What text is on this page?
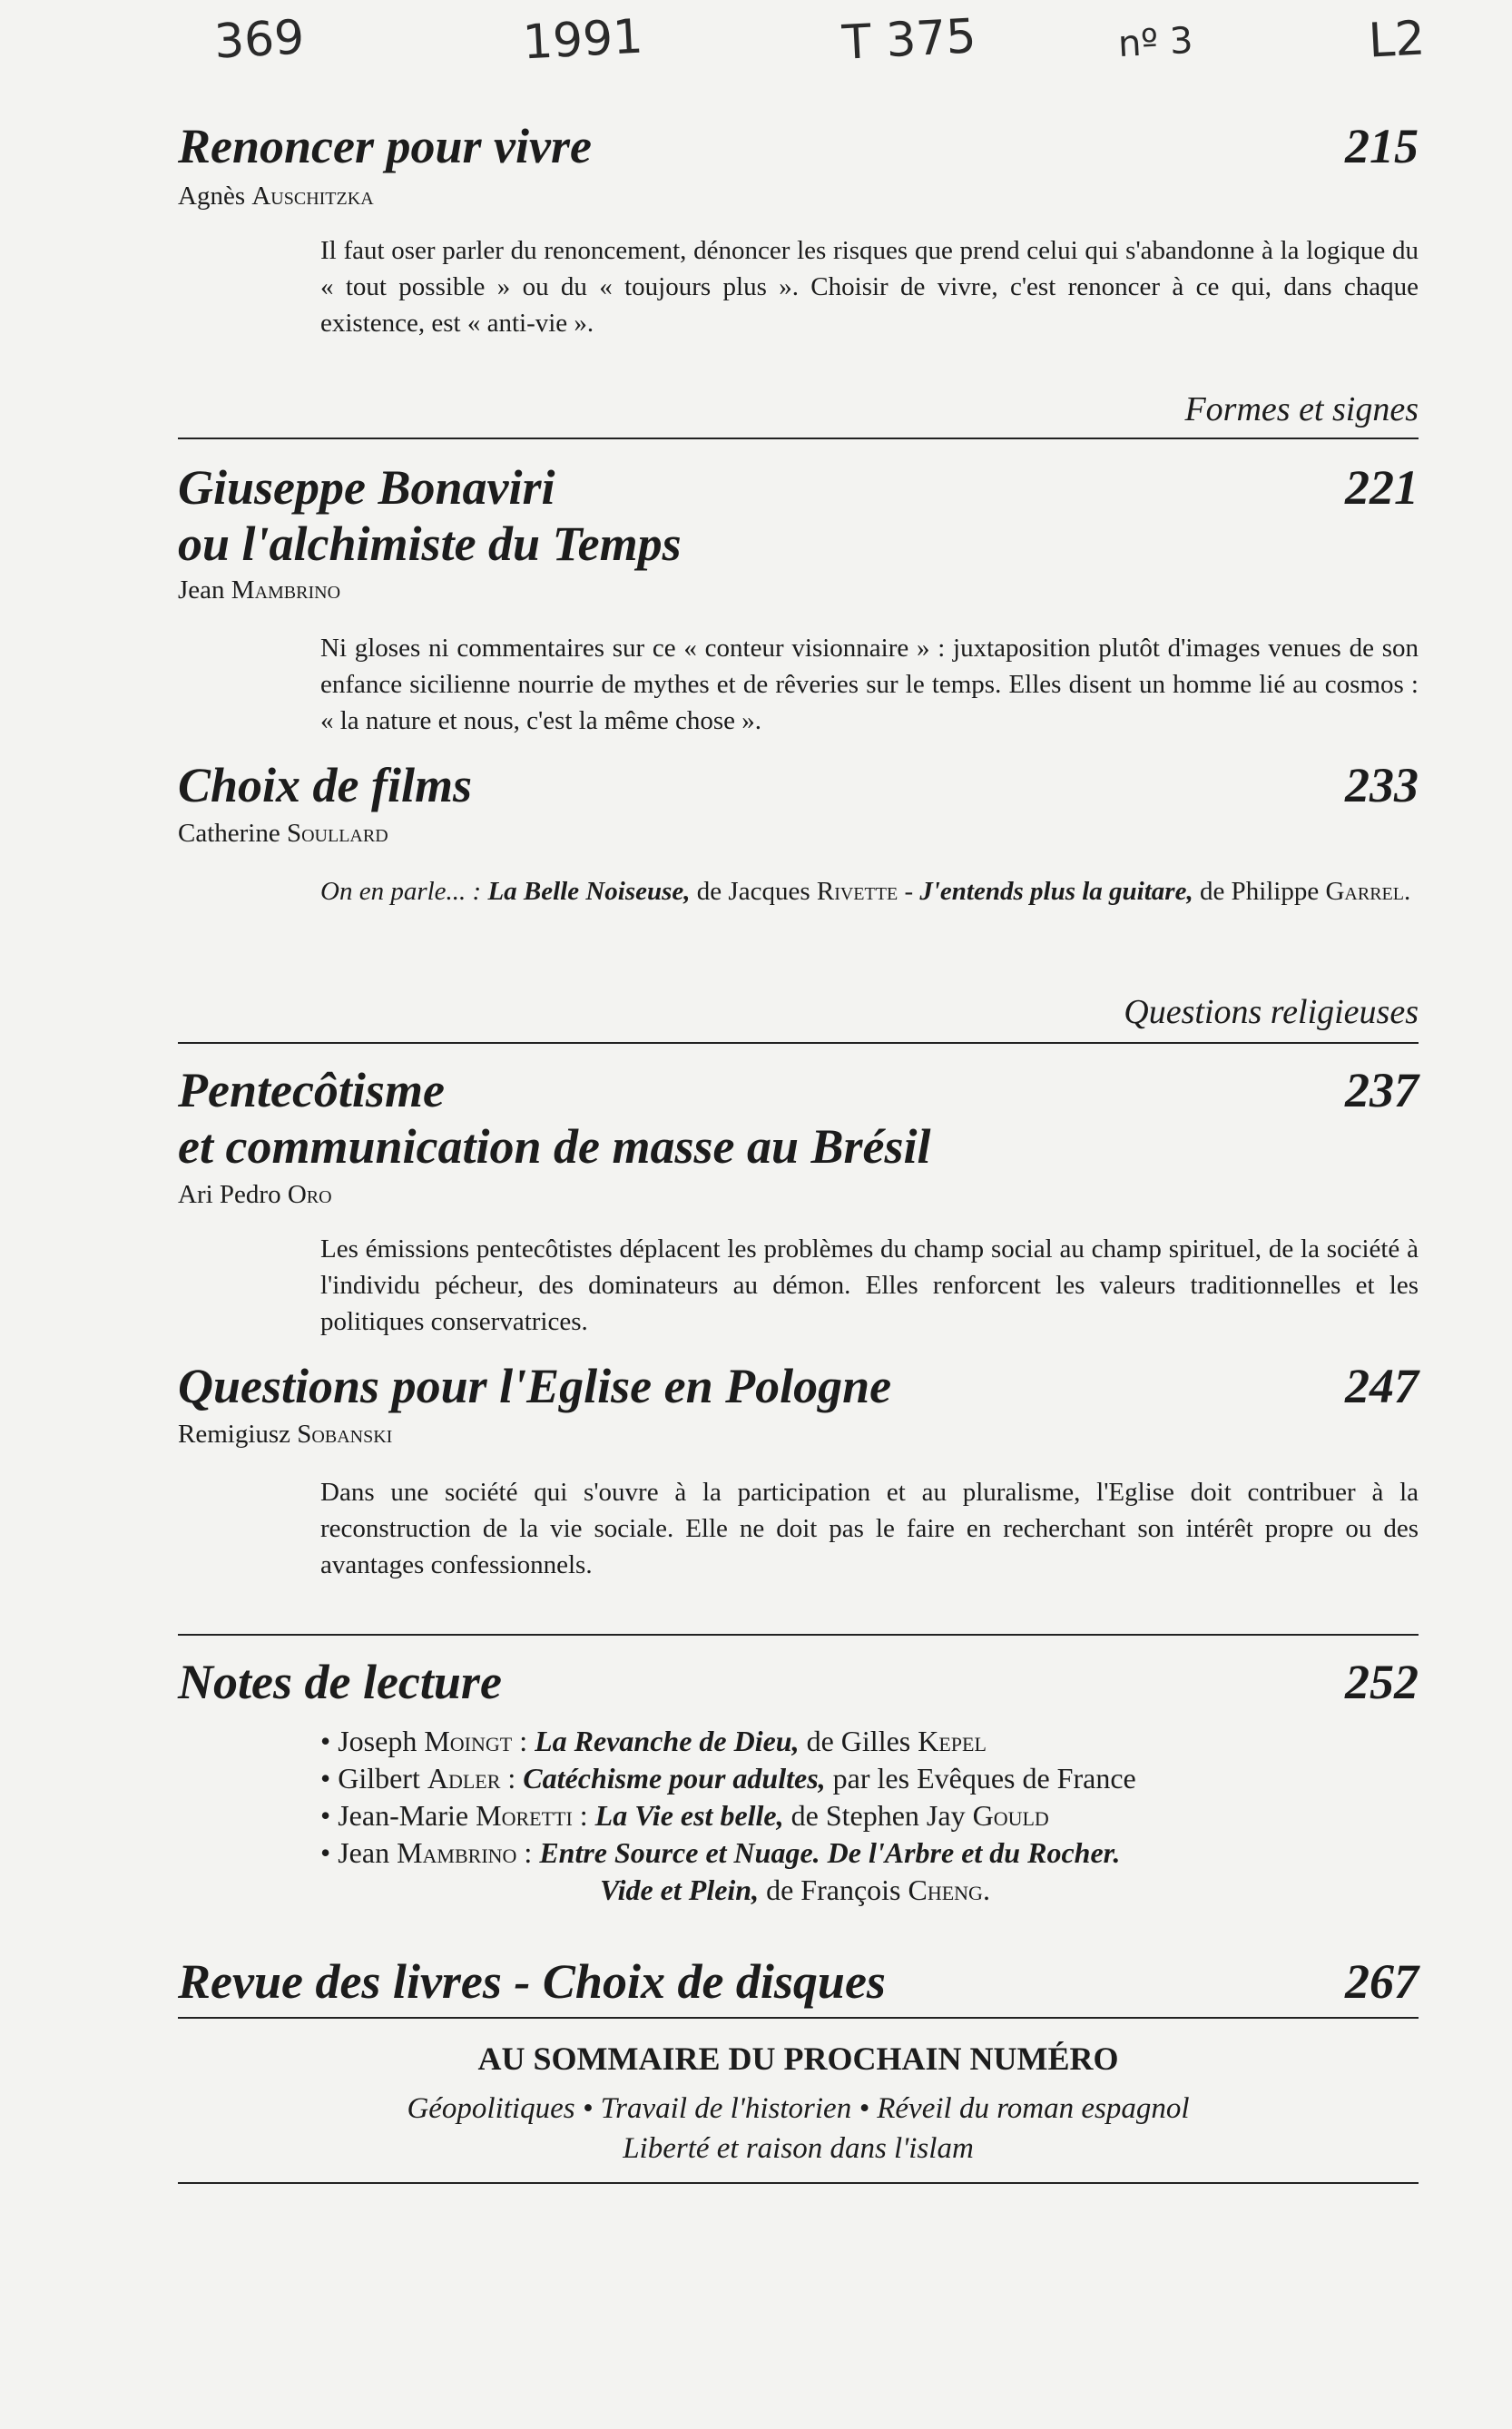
369	1991	T 375	nº 3	L2
Renoncer pour vivre	215
Agnès Auschitzka
Il faut oser parler du renoncement, dénoncer les risques que prend celui qui s'abandonne à la logique du « tout possible » ou du « toujours plus ». Choisir de vivre, c'est renoncer à ce qui, dans chaque existence, est « anti-vie ».
Formes et signes
Giuseppe Bonaviri
ou l'alchimiste du Temps
221
Jean Mambrino
Ni gloses ni commentaires sur ce « conteur visionnaire » : juxtaposition plutôt d'images venues de son enfance sicilienne nourrie de mythes et de rêveries sur le temps. Elles disent un homme lié au cosmos : « la nature et nous, c'est la même chose ».
Choix de films	233
Catherine Soullard
On en parle... : La Belle Noiseuse, de Jacques Rivette - J'entends plus la guitare, de Philippe Garrel.
Questions religieuses
Pentecôtisme
et communication de masse au Brésil
237
Ari Pedro Oro
Les émissions pentecôtistes déplacent les problèmes du champ social au champ spirituel, de la société à l'individu pécheur, des dominateurs au démon. Elles renforcent les valeurs traditionnelles et les politiques conservatrices.
Questions pour l'Eglise en Pologne	247
Remigiusz Sobanski
Dans une société qui s'ouvre à la participation et au pluralisme, l'Eglise doit contribuer à la reconstruction de la vie sociale. Elle ne doit pas le faire en recherchant son intérêt propre ou des avantages confessionnels.
Notes de lecture	252
• Joseph Moingt : La Revanche de Dieu, de Gilles Kepel
• Gilbert Adler : Catéchisme pour adultes, par les Evêques de France
• Jean-Marie Moretti : La Vie est belle, de Stephen Jay Gould
• Jean Mambrino : Entre Source et Nuage. De l'Arbre et du Rocher.
Vide et Plein, de François Cheng.
Revue des livres - Choix de disques	267
AU SOMMAIRE DU PROCHAIN NUMÉRO
Géopolitiques • Travail de l'historien • Réveil du roman espagnol
Liberté et raison dans l'islam
